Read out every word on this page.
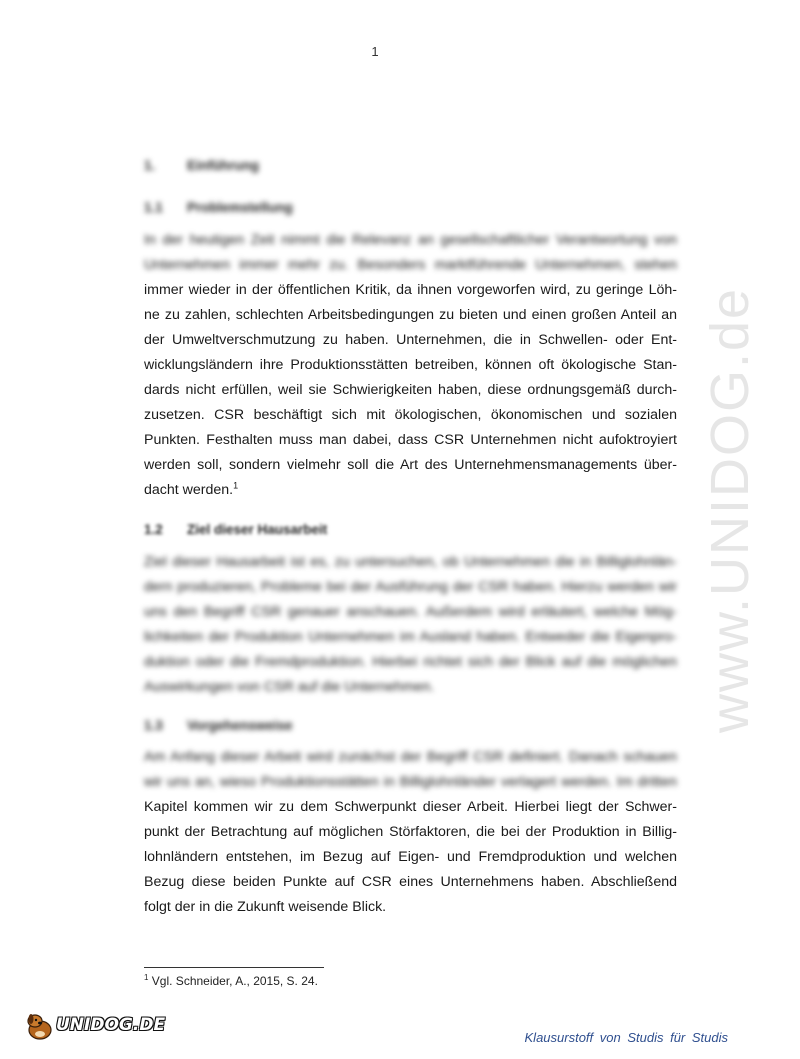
1
www.UNIDOG.de
1. Einführung
1.1 Problemstellung
In der heutigen Zeit nimmt die Relevanz an gesellschaftlicher Verantwortung von
Unternehmen immer mehr zu. Besonders marktführende Unternehmen, stehen
immer wieder in der öffentlichen Kritik, da ihnen vorgeworfen wird, zu geringe Löh-
ne zu zahlen, schlechten Arbeitsbedingungen zu bieten und einen großen Anteil an
der Umweltverschmutzung zu haben. Unternehmen, die in Schwellen- oder Ent-
wicklungsländern ihre Produktionsstätten betreiben, können oft ökologische Stan-
dards nicht erfüllen, weil sie Schwierigkeiten haben, diese ordnungsgemäß durch-
zusetzen. CSR beschäftigt sich mit ökologischen, ökonomischen und sozialen
Punkten. Festhalten muss man dabei, dass CSR Unternehmen nicht aufoktroyiert
werden soll, sondern vielmehr soll die Art des Unternehmensmanagements über-
dacht werden.$^1$
1.2 Ziel dieser Hausarbeit
Ziel dieser Hausarbeit ist es, zu untersuchen, ob Unternehmen die in Billiglohnlän-
dern produzieren, Probleme bei der Ausführung der CSR haben. Hierzu werden wir
uns den Begriff CSR genauer anschauen. Außerdem wird erläutert, welche Mög-
lichkeiten der Produktion Unternehmen im Ausland haben. Entweder die Eigenpro-
duktion oder die Fremdproduktion. Hierbei richtet sich der Blick auf die möglichen
Auswirkungen von CSR auf die Unternehmen.
1.3 Vorgehensweise
Am Anfang dieser Arbeit wird zunächst der Begriff CSR definiert. Danach schauen
wir uns an, wieso Produktionsstätten in Billiglohnländer verlagert werden. Im dritten
Kapitel kommen wir zu dem Schwerpunkt dieser Arbeit. Hierbei liegt der Schwer-
punkt der Betrachtung auf möglichen Störfaktoren, die bei der Produktion in Billig-
lohnländern entstehen, im Bezug auf Eigen- und Fremdproduktion und welchen
Bezug diese beiden Punkte auf CSR eines Unternehmens haben. Abschließend
folgt der in die Zukunft weisende Blick.
$^1$ Vgl. Schneider, A., 2015, S. 24.
UNIDOG.DE
Klausurstoff von Studis für Studis
